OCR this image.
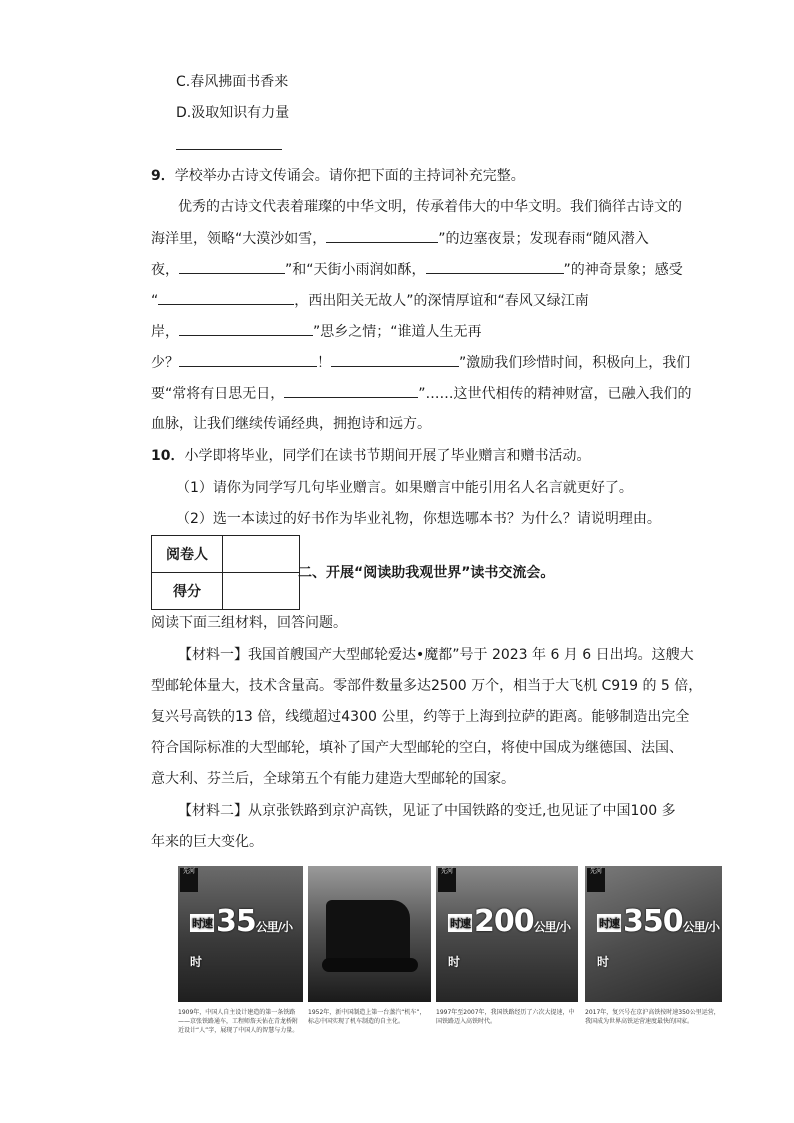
C.春风拂面书香来
D.汲取知识有力量
9．学校举办古诗文传诵会。请你把下面的主持词补充完整。
优秀的古诗文代表着璀璨的中华文明，传承着伟大的中华文明。我们徜徉古诗文的
海洋里，领略“大漠沙如雪，	”的边塞夜景；发现春雨“随风潜入
夜，	”和“天街小雨润如酥，	”的神奇景象；感受
“	，西出阳关无故人”的深情厚谊和“春风又绿江南
岸，	”思乡之情；“谁道人生无再
少？	！	”激励我们珍惜时间，积极向上，我们
要“常将有日思无日，	”……这世代相传的精神财富，已融入我们的
血脉，让我们继续传诵经典，拥抱诗和远方。
10．小学即将毕业，同学们在读书节期间开展了毕业赠言和赠书活动。
（1）请你为同学写几句毕业赠言。如果赠言中能引用名人名言就更好了。
（2）选一本读过的好书作为毕业礼物，你想选哪本书？为什么？请说明理由。
阅卷人	
得分	
二、开展“阅读助我观世界”读书交流会。
阅读下面三组材料，回答问题。
【材料一】我国首艘国产大型邮轮爱达•魔都”号于 2023 年 6 月 6 日出坞。这艘大
型邮轮体量大，技术含量高。零部件数量多达2500 万个，相当于大飞机 C919 的 5 倍，
复兴号高铁的13 倍，线缆超过4300 公里，约等于上海到拉萨的距离。能够制造出完全
符合国际标准的大型邮轮，填补了国产大型邮轮的空白，将使中国成为继德国、法国、
意大利、芬兰后，全球第五个有能力建造大型邮轮的国家。
【材料二】从京张铁路到京沪高铁，见证了中国铁路的变迁,也见证了中国100 多
年来的巨大变化。
先河
时速 35公里/小时
1909年，中国人自主设计建造的第一条铁路——京张铁路通车，工程师詹天佑在青龙桥附近设计“人”字，展现了中国人的智慧与力量。
1952年，新中国制造上第一台蒸汽“机车”，标志中国实现了机车制造的自主化。
先河
时速 200公里/小时
1997年至2007年，我国铁路经历了六次大提速，中国铁路迈入高铁时代。
先河
时速 350公里/小时
2017年，复兴号在京沪高铁按时速350公里运营，我国成为世界高铁运营速度最快的国家。
